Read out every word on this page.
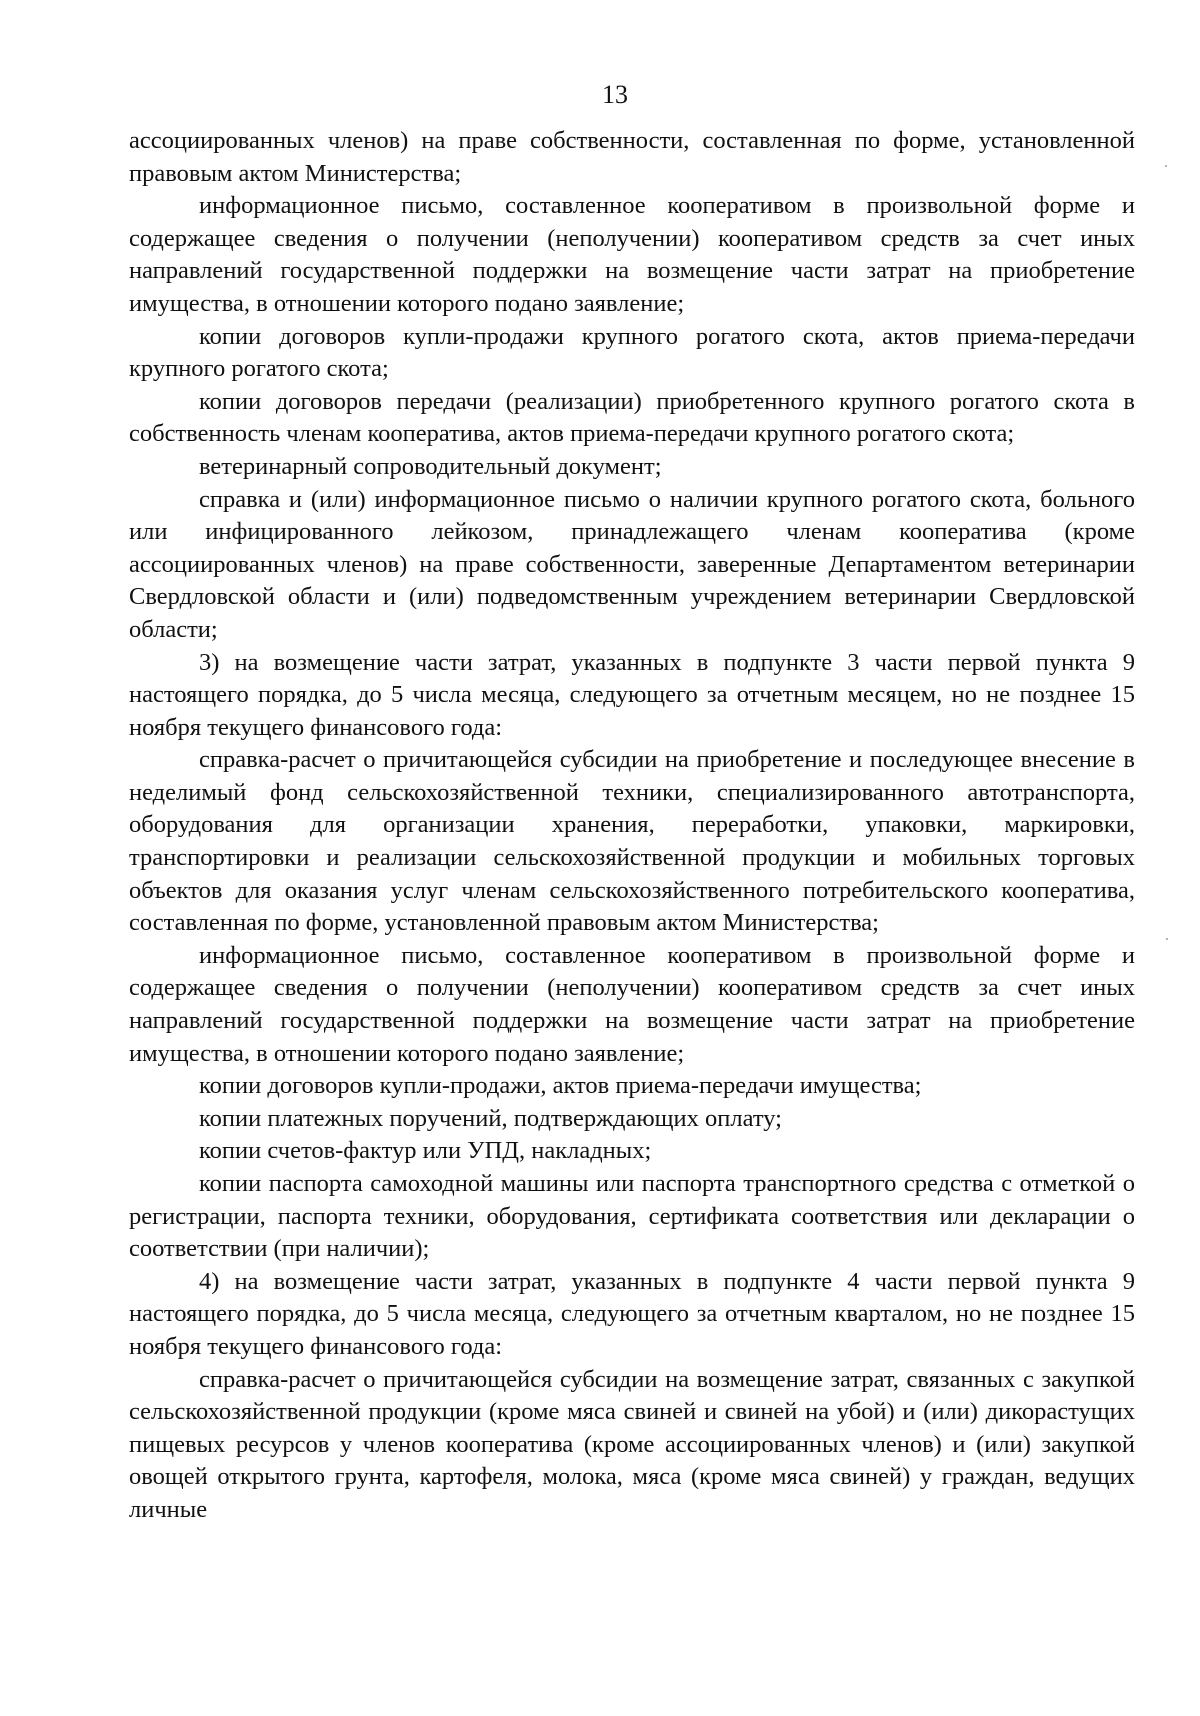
13

ассоциированных членов) на праве собственности, составленная по форме, установленной правовым актом Министерства;

информационное письмо, составленное кооперативом в произвольной форме и содержащее сведения о получении (неполучении) кооперативом средств за счет иных направлений государственной поддержки на возмещение части затрат на приобретение имущества, в отношении которого подано заявление;

копии договоров купли-продажи крупного рогатого скота, актов приема-передачи крупного рогатого скота;

копии договоров передачи (реализации) приобретенного крупного рогатого скота в собственность членам кооператива, актов приема-передачи крупного рогатого скота;

ветеринарный сопроводительный документ;

справка и (или) информационное письмо о наличии крупного рогатого скота, больного или инфицированного лейкозом, принадлежащего членам кооператива (кроме ассоциированных членов) на праве собственности, заверенные Департаментом ветеринарии Свердловской области и (или) подведомственным учреждением ветеринарии Свердловской области;

3) на возмещение части затрат, указанных в подпункте 3 части первой пункта 9 настоящего порядка, до 5 числа месяца, следующего за отчетным месяцем, но не позднее 15 ноября текущего финансового года:

справка-расчет о причитающейся субсидии на приобретение и последующее внесение в неделимый фонд сельскохозяйственной техники, специализированного автотранспорта, оборудования для организации хранения, переработки, упаковки, маркировки, транспортировки и реализации сельскохозяйственной продукции и мобильных торговых объектов для оказания услуг членам сельскохозяйственного потребительского кооператива, составленная по форме, установленной правовым актом Министерства;

информационное письмо, составленное кооперативом в произвольной форме и содержащее сведения о получении (неполучении) кооперативом средств за счет иных направлений государственной поддержки на возмещение части затрат на приобретение имущества, в отношении которого подано заявление;

копии договоров купли-продажи, актов приема-передачи имущества;

копии платежных поручений, подтверждающих оплату;

копии счетов-фактур или УПД, накладных;

копии паспорта самоходной машины или паспорта транспортного средства с отметкой о регистрации, паспорта техники, оборудования, сертификата соответствия или декларации о соответствии (при наличии);

4) на возмещение части затрат, указанных в подпункте 4 части первой пункта 9 настоящего порядка, до 5 числа месяца, следующего за отчетным кварталом, но не позднее 15 ноября текущего финансового года:

справка-расчет о причитающейся субсидии на возмещение затрат, связанных с закупкой сельскохозяйственной продукции (кроме мяса свиней и свиней на убой) и (или) дикорастущих пищевых ресурсов у членов кооператива (кроме ассоциированных членов) и (или) закупкой овощей открытого грунта, картофеля, молока, мяса (кроме мяса свиней) у граждан, ведущих личные
